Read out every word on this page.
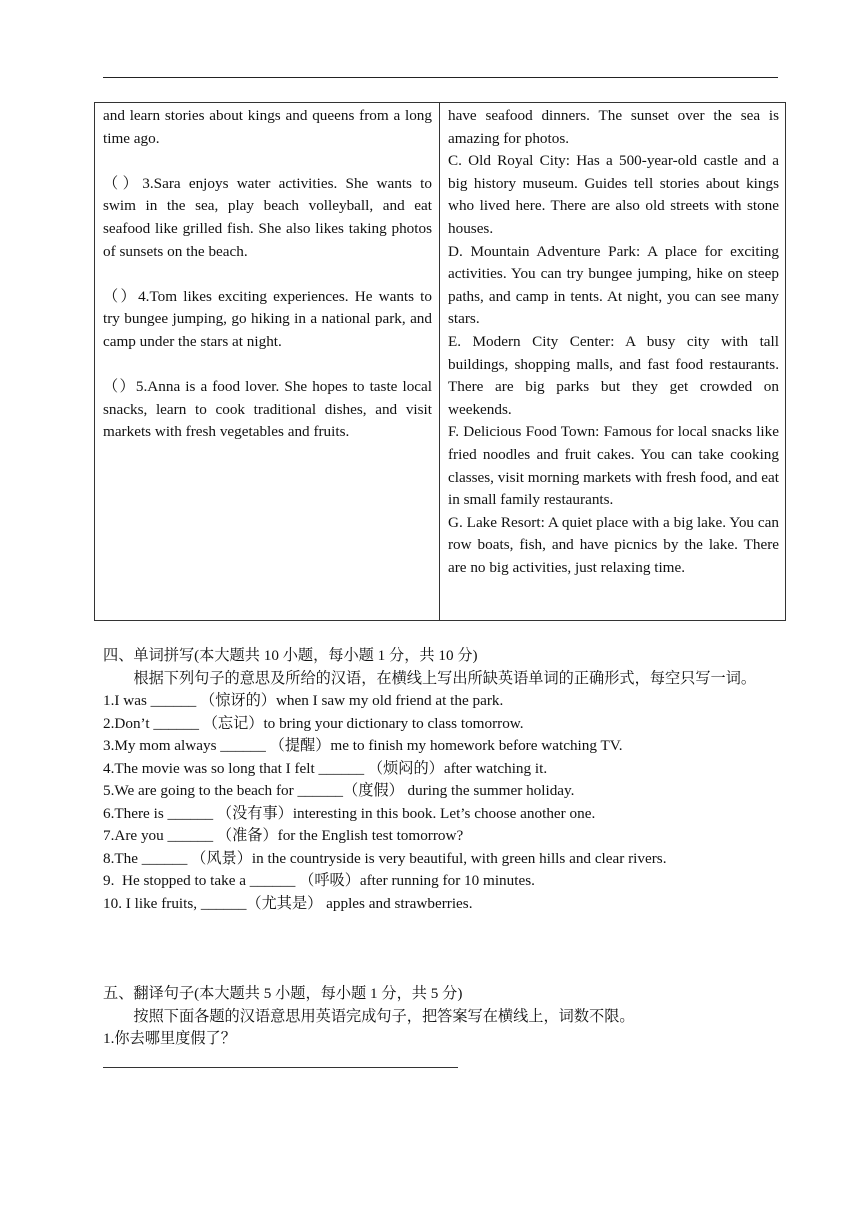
and learn stories about kings and queens from a long time ago.

（）3.Sara enjoys water activities. She wants to swim in the sea, play beach volleyball, and eat seafood like grilled fish. She also likes taking photos of sunsets on the beach.

（）4.Tom likes exciting experiences. He wants to try bungee jumping, go hiking in a national park, and camp under the stars at night.

（）5.Anna is a food lover. She hopes to taste local snacks, learn to cook traditional dishes, and visit markets with fresh vegetables and fruits.

have seafood dinners. The sunset over the sea is amazing for photos.

C. Old Royal City: Has a 500-year-old castle and a big history museum. Guides tell stories about kings who lived here. There are also old streets with stone houses.

D. Mountain Adventure Park: A place for exciting activities. You can try bungee jumping, hike on steep paths, and camp in tents. At night, you can see many stars.

E. Modern City Center: A busy city with tall buildings, shopping malls, and fast food restaurants. There are big parks but they get crowded on weekends.

F. Delicious Food Town: Famous for local snacks like fried noodles and fruit cakes. You can take cooking classes, visit morning markets with fresh food, and eat in small family restaurants.

G. Lake Resort: A quiet place with a big lake. You can row boats, fish, and have picnics by the lake. There are no big activities, just relaxing time.

四、单词拼写(本大题共 10 小题，每小题 1 分，共 10 分)

根据下列句子的意思及所给的汉语，在横线上写出所缺英语单词的正确形式，每空只写一词。

1.I was ______ （惊讶的）when I saw my old friend at the park.

2.Don’t ______ （忘记）to bring your dictionary to class tomorrow.

3.My mom always ______ （提醒）me to finish my homework before watching TV.

4.The movie was so long that I felt ______ （烦闷的）after watching it.

5.We are going to the beach for ______（度假） during the summer holiday.

6.There is ______ （没有事）interesting in this book. Let’s choose another one.

7.Are you ______ （准备）for the English test tomorrow?

8.The ______ （风景）in the countryside is very beautiful, with green hills and clear rivers.

9.  He stopped to take a ______ （呼吸）after running for 10 minutes.

10. I like fruits, ______（尤其是） apples and strawberries.

五、翻译句子(本大题共 5 小题，每小题 1 分，共 5 分)

按照下面各题的汉语意思用英语完成句子，把答案写在横线上，词数不限。

1.你去哪里度假了？
